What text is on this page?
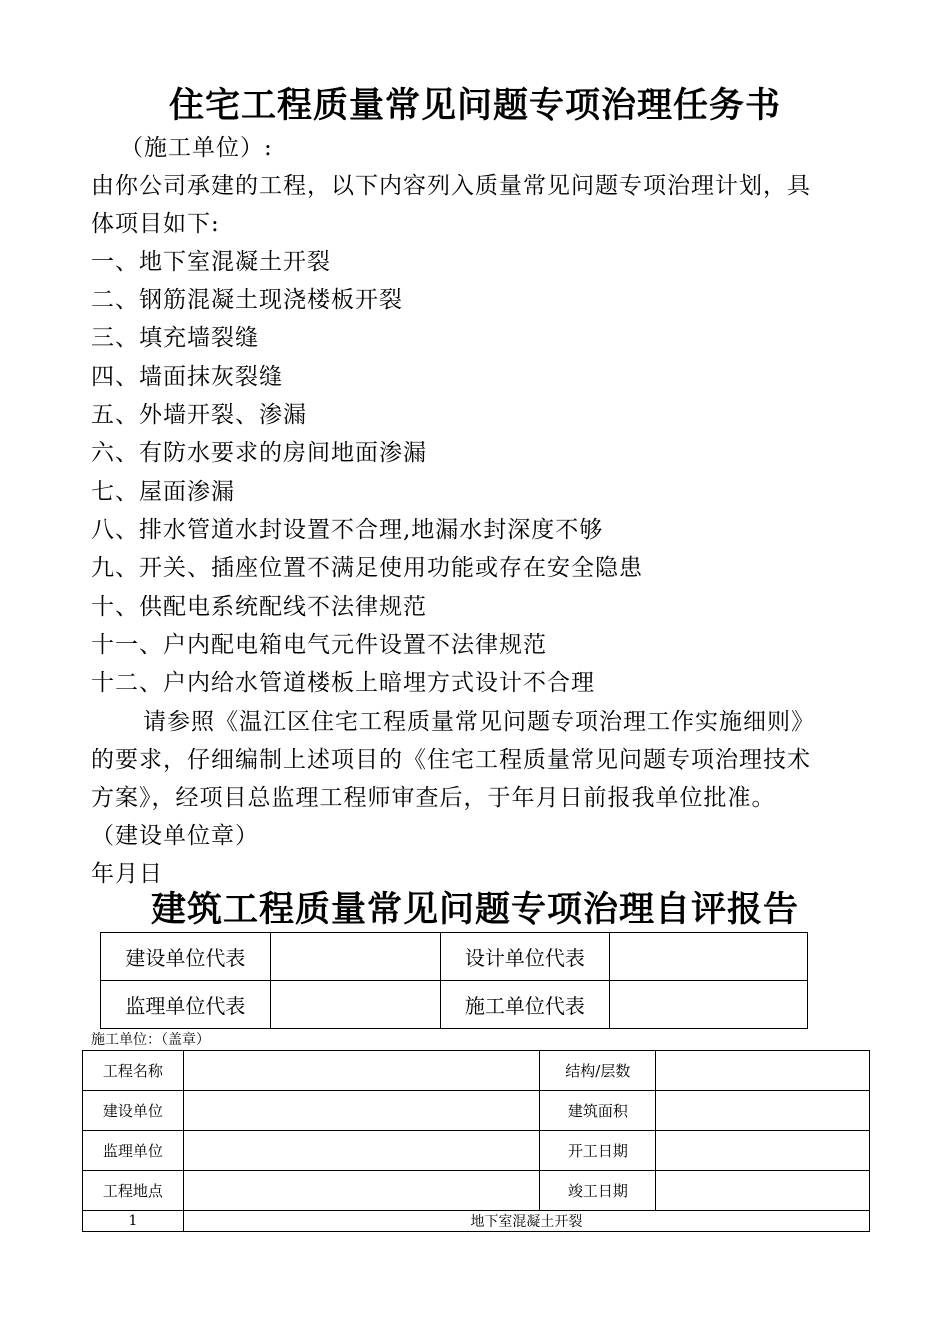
住宅工程质量常见问题专项治理任务书
（施工单位）:
由你公司承建的工程，以下内容列入质量常见问题专项治理计划，具
体项目如下:
一、地下室混凝土开裂
二、钢筋混凝土现浇楼板开裂
三、填充墙裂缝
四、墙面抹灰裂缝
五、外墙开裂、渗漏
六、有防水要求的房间地面渗漏
七、屋面渗漏
八、排水管道水封设置不合理,地漏水封深度不够
九、开关、插座位置不满足使用功能或存在安全隐患
十、供配电系统配线不法律规范
十一、户内配电箱电气元件设置不法律规范
十二、户内给水管道楼板上暗埋方式设计不合理
请参照《温江区住宅工程质量常见问题专项治理工作实施细则》
的要求，仔细编制上述项目的《住宅工程质量常见问题专项治理技术
方案》，经项目总监理工程师审查后，于年月日前报我单位批准。
（建设单位章）
年月日
建筑工程质量常见问题专项治理自评报告
建设单位代表		设计单位代表	
监理单位代表		施工单位代表	
施工单位：（盖章）
工程名称		结构/层数	
建设单位		建筑面积	
监理单位		开工日期	
工程地点		竣工日期	
1	地下室混凝土开裂		
